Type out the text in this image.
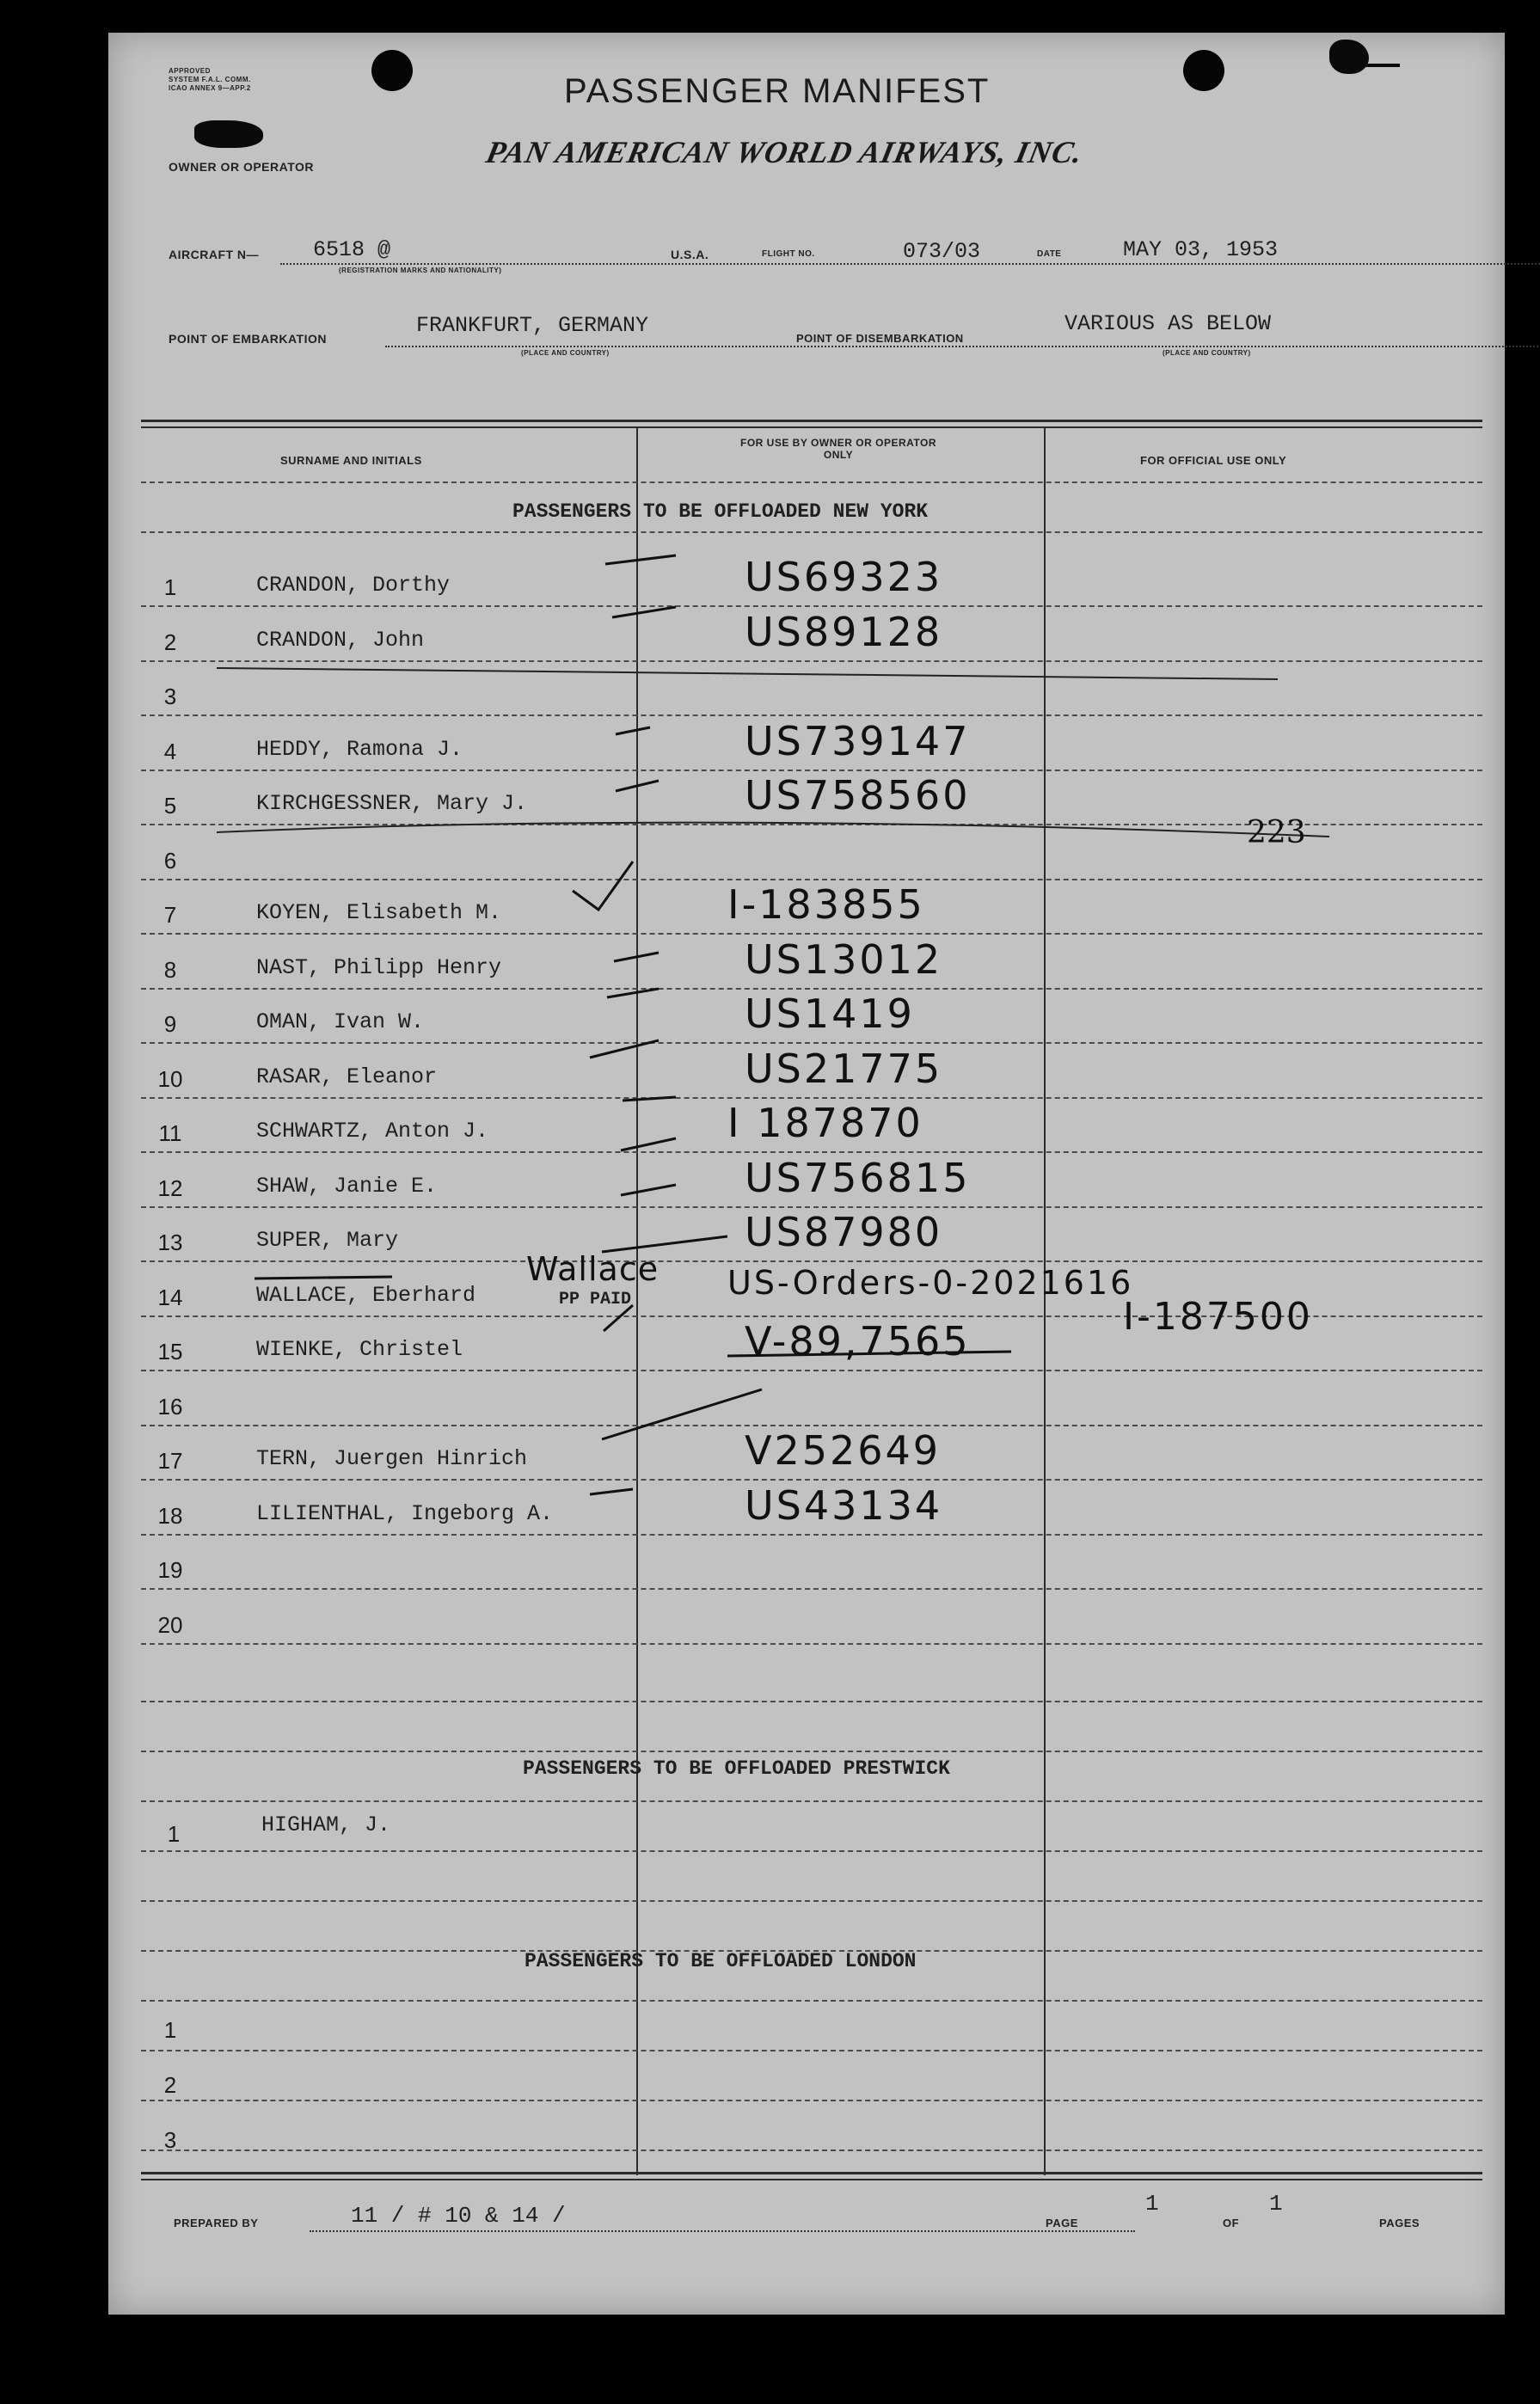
APPROVED
SYSTEM F.A.L. COMM.
ICAO ANNEX 9—APP.2	PASSENGER MANIFEST
PAN AMERICAN WORLD AIRWAYS, INC.
OWNER OR OPERATOR
AIRCRAFT N—	6518 @
(REGISTRATION MARKS AND NATIONALITY)
U.S.A.	FLIGHT NO.	073/03	DATE	MAY 03, 1953
POINT OF EMBARKATION
FRANKFURT, GERMANY
(PLACE AND COUNTRY)
POINT OF DISEMBARKATION
VARIOUS AS BELOW
(PLACE AND COUNTRY)
SURNAME AND INITIALS
FOR USE BY OWNER OR OPERATOR ONLY	FOR OFFICIAL USE ONLY
PASSENGERS TO BE OFFLOADED NEW YORK
1	CRANDON, Dorthy	US69323
2	CRANDON, John	US89128
3
4	HEDDY, Ramona J.	US739147
5	KIRCHGESSNER, Mary J.	US758560
6
7	KOYEN, Elisabeth M.	I-183855
8	NAST, Philipp Henry	US13012
9	OMAN, Ivan W.	US1419
10	RASAR, Eleanor	US21775
11	SCHWARTZ, Anton J.	I 187870
12	SHAW, Janie E.	US756815
13	SUPER, Mary	US87980
14	WALLACE, Eberhard	US-Orders-0-2021616
15	WIENKE, Christel	V-89,7565
16
17	TERN, Juergen Hinrich	V252649
18	LILIENTHAL, Ingeborg A.	US43134
19
20
223
Wallace
PP PAID	I-187500
PASSENGERS TO BE OFFLOADED PRESTWICK
1	HIGHAM, J.
PASSENGERS TO BE OFFLOADED LONDON
1
2
3
PREPARED BY	11 / # 10 & 14 /	PAGE
1
OF
1
PAGES
